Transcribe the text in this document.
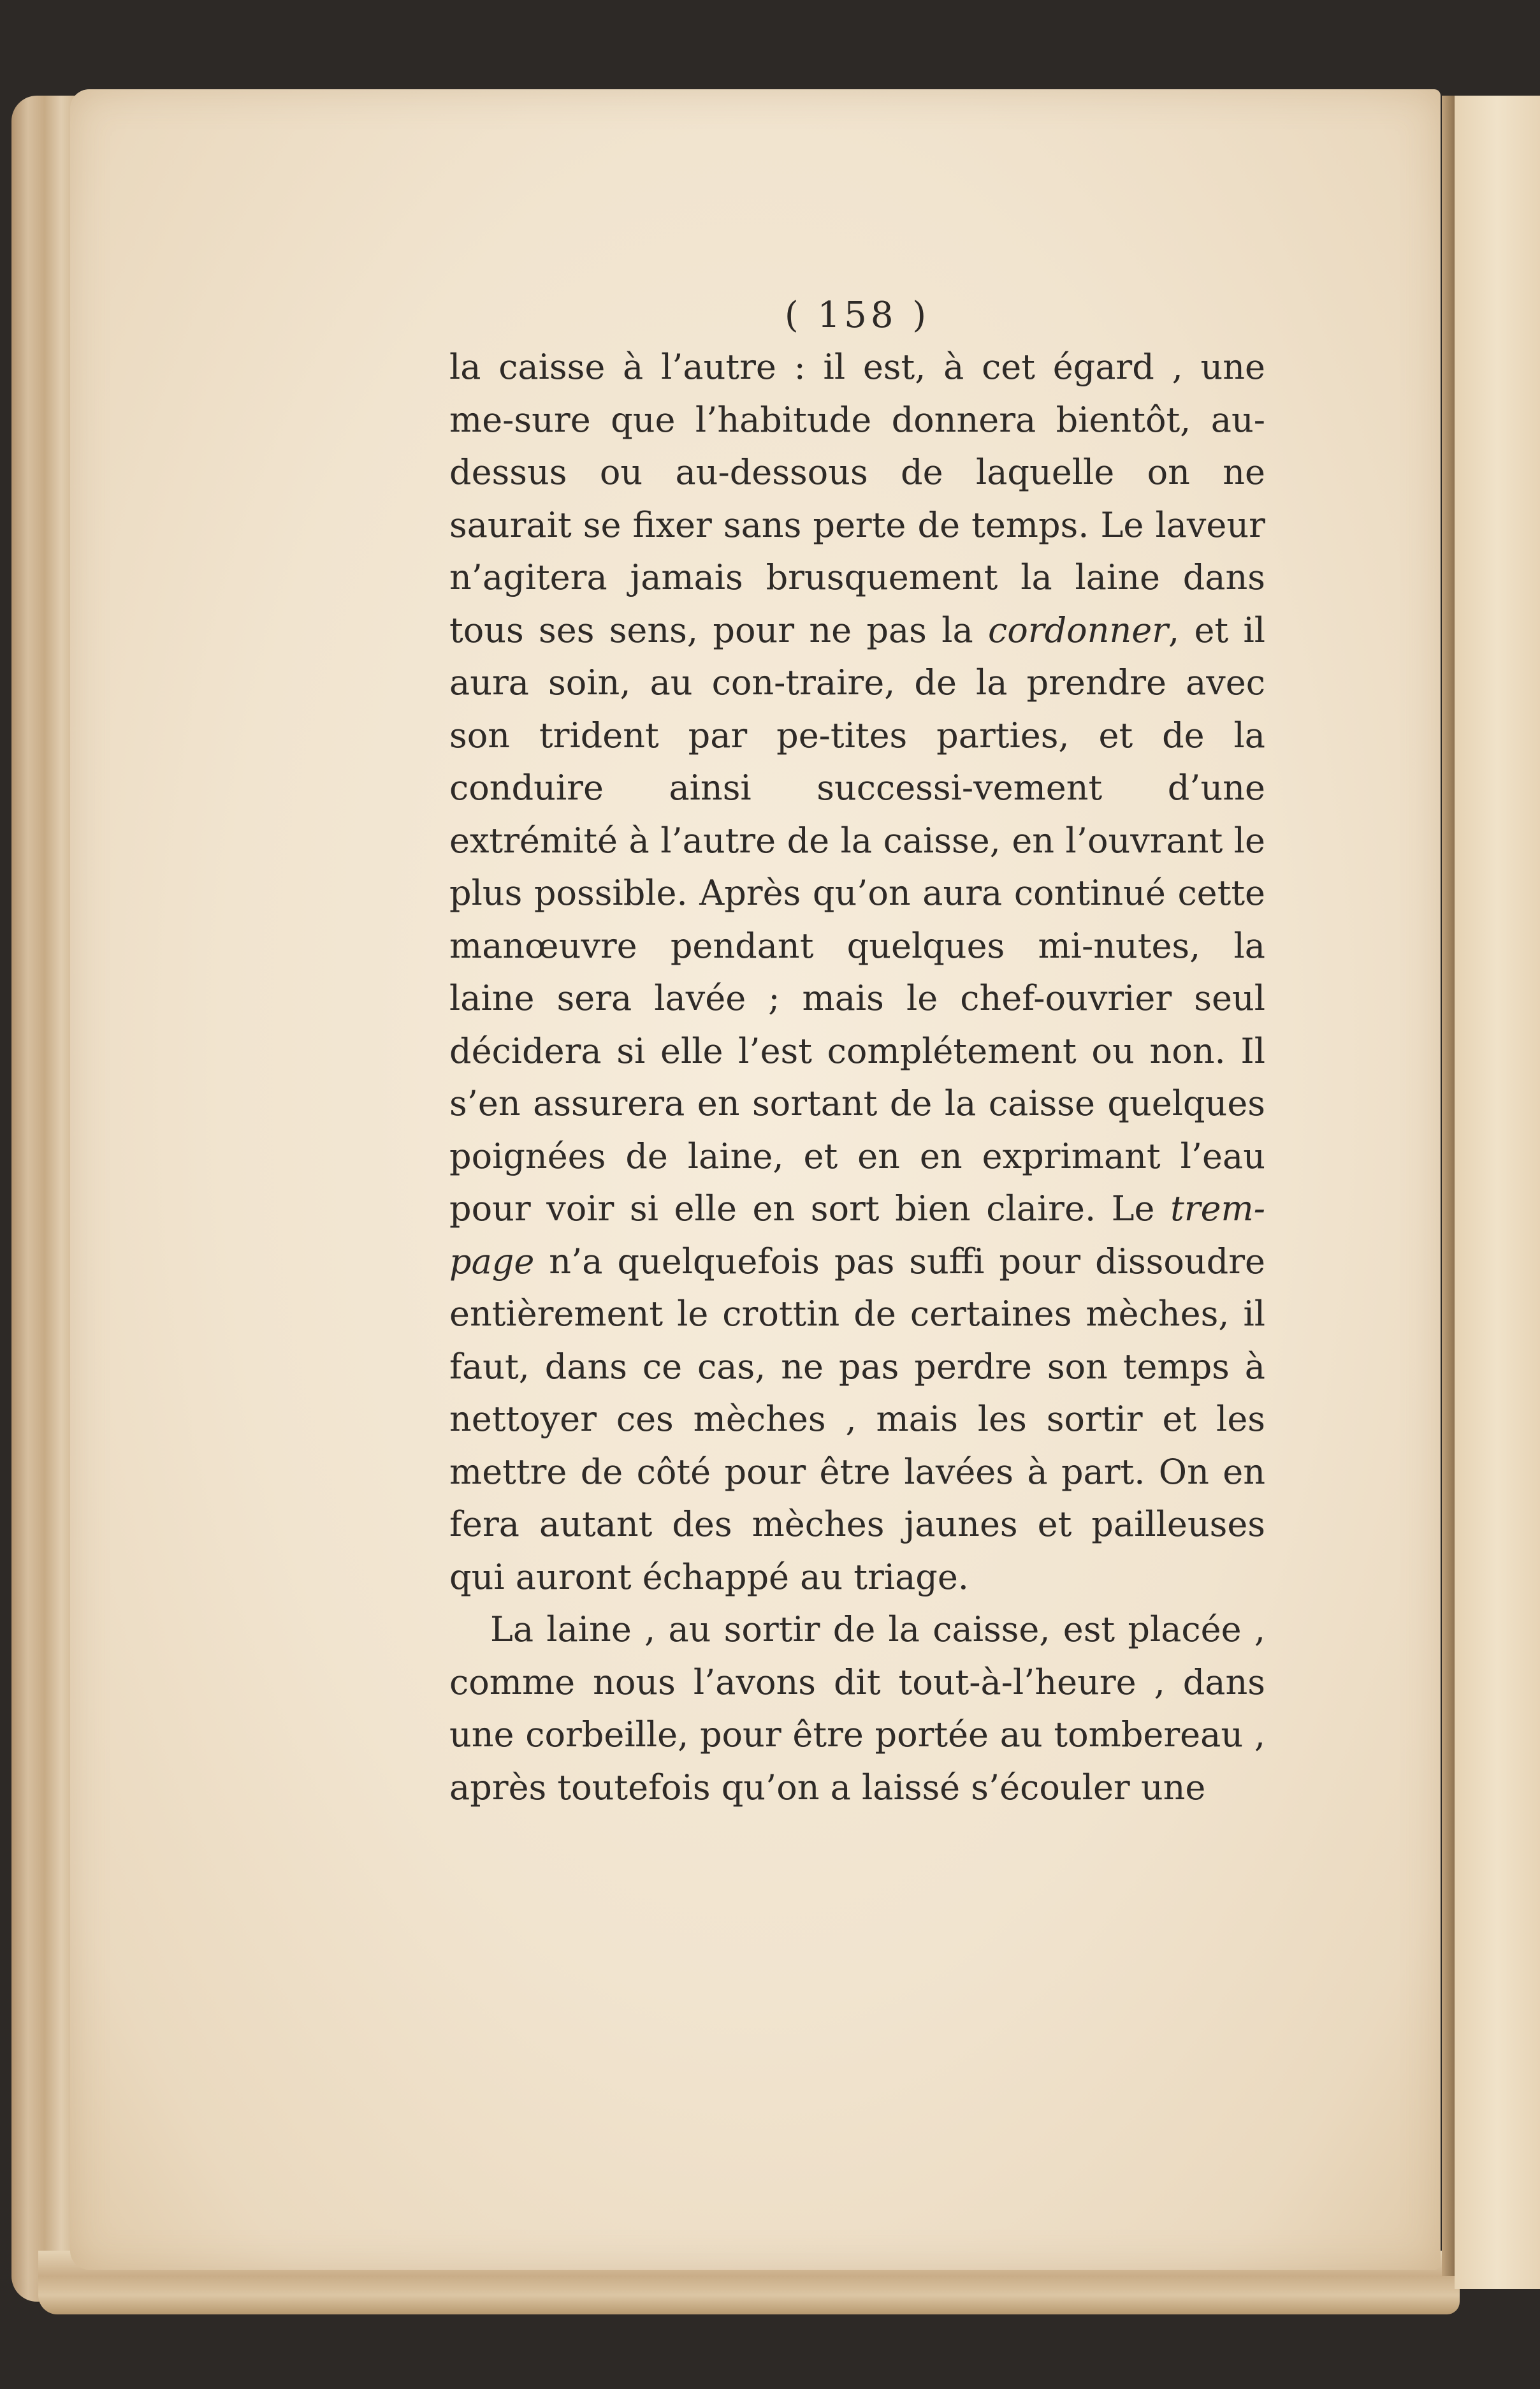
( 158 )

la caisse à l’autre : il est, à cet égard , une me-sure que l’habitude donnera bientôt, au-dessus ou au-dessous de laquelle on ne saurait se fixer sans perte de temps. Le laveur n’agitera jamais brusquement la laine dans tous ses sens, pour ne pas la cordonner, et il aura soin, au con-traire, de la prendre avec son trident par pe-tites parties, et de la conduire ainsi successi-vement d’une extrémité à l’autre de la caisse, en l’ouvrant le plus possible. Après qu’on aura continué cette manœuvre pendant quelques mi-nutes, la laine sera lavée ; mais le chef-ouvrier seul décidera si elle l’est complétement ou non. Il s’en assurera en sortant de la caisse quelques poignées de laine, et en en exprimant l’eau pour voir si elle en sort bien claire. Le trem-page n’a quelquefois pas suffi pour dissoudre entièrement le crottin de certaines mèches, il faut, dans ce cas, ne pas perdre son temps à nettoyer ces mèches , mais les sortir et les mettre de côté pour être lavées à part. On en fera autant des mèches jaunes et pailleuses qui auront échappé au triage.

La laine , au sortir de la caisse, est placée , comme nous l’avons dit tout-à-l’heure , dans une corbeille, pour être portée au tombereau , après toutefois qu’on a laissé s’écouler une
